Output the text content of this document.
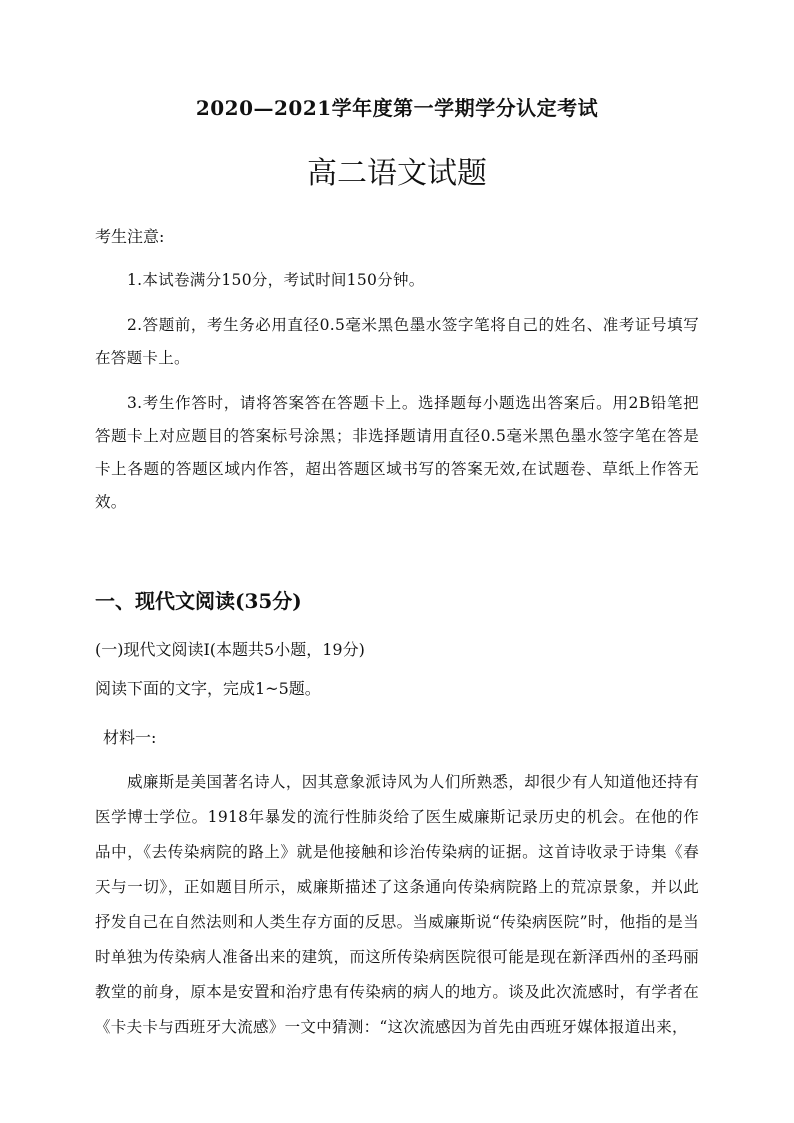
2020—2021学年度第一学期学分认定考试
高二语文试题
考生注意:
1.本试卷满分150分，考试时间150分钟。
2.答题前，考生务必用直径0.5毫米黑色墨水签字笔将自己的姓名、准考证号填写在答题卡上。
3.考生作答时，请将答案答在答题卡上。选择题每小题选出答案后。用2B铅笔把答题卡上对应题目的答案标号涂黑；非选择题请用直径0.5毫米黑色墨水签字笔在答是卡上各题的答题区域内作答，超出答题区域书写的答案无效,在试题卷、草纸上作答无效。
一、现代文阅读(35分)
(一)现代文阅读Ⅰ(本题共5小题，19分)
阅读下面的文字，完成1~5题。
材料一:
威廉斯是美国著名诗人，因其意象派诗风为人们所熟悉，却很少有人知道他还持有医学博士学位。1918年暴发的流行性肺炎给了医生威廉斯记录历史的机会。在他的作品中，《去传染病院的路上》就是他接触和诊治传染病的证据。这首诗收录于诗集《春天与一切》，正如题目所示，威廉斯描述了这条通向传染病院路上的荒凉景象，并以此抒发自己在自然法则和人类生存方面的反思。当威廉斯说“传染病医院”时，他指的是当时单独为传染病人准备出来的建筑，而这所传染病医院很可能是现在新泽西州的圣玛丽教堂的前身，原本是安置和治疗患有传染病的病人的地方。谈及此次流感时，有学者在《卡夫卡与西班牙大流感》一文中猜测：“这次流感因为首先由西班牙媒体报道出来，
